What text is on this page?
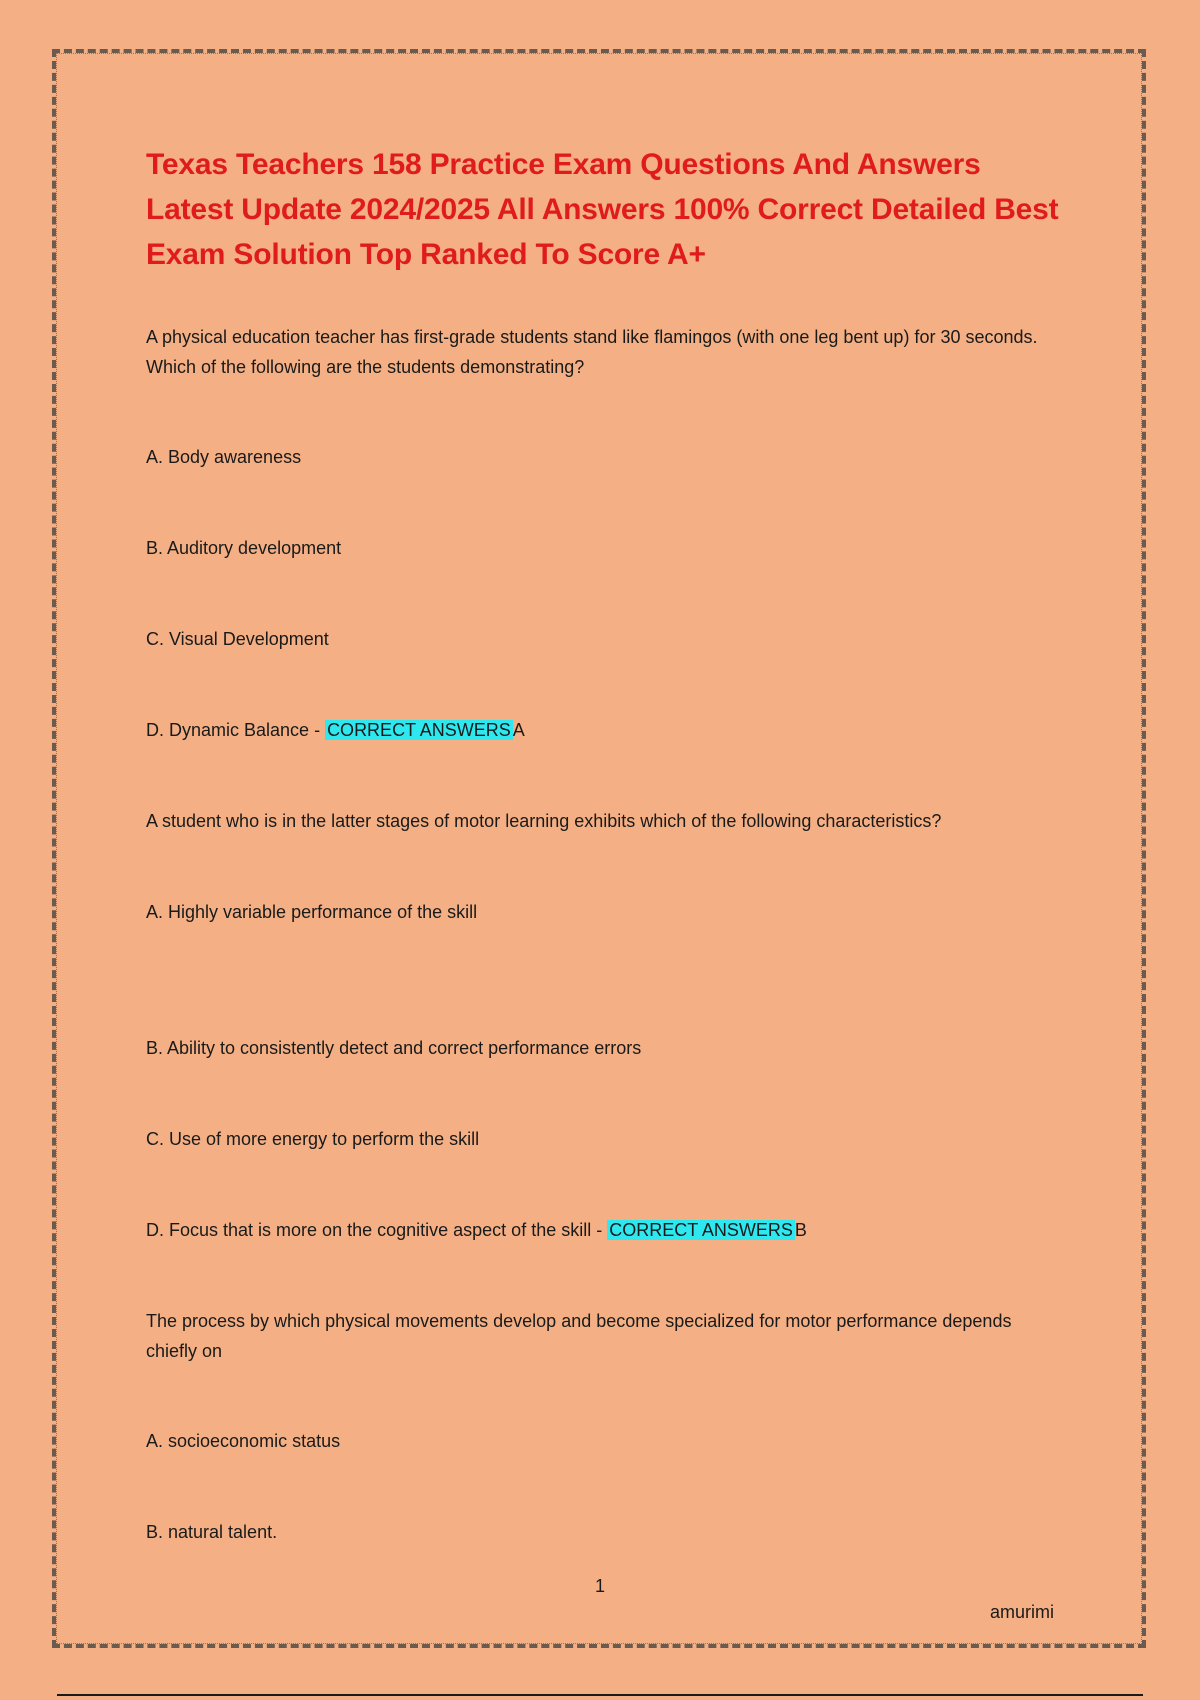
Texas Teachers 158 Practice Exam Questions And Answers Latest Update 2024/2025 All Answers 100% Correct Detailed Best Exam Solution Top Ranked To Score A+
A physical education teacher has first-grade students stand like flamingos (with one leg bent up) for 30 seconds. Which of the following are the students demonstrating?
A. Body awareness
B. Auditory development
C. Visual Development
D. Dynamic Balance - CORRECT ANSWERS A
A student who is in the latter stages of motor learning exhibits which of the following characteristics?
A. Highly variable performance of the skill
B. Ability to consistently detect and correct performance errors
C. Use of more energy to perform the skill
D. Focus that is more on the cognitive aspect of the skill - CORRECT ANSWERS B
The process by which physical movements develop and become specialized for motor performance depends chiefly on
A. socioeconomic status
B. natural talent.
1
amurimi
